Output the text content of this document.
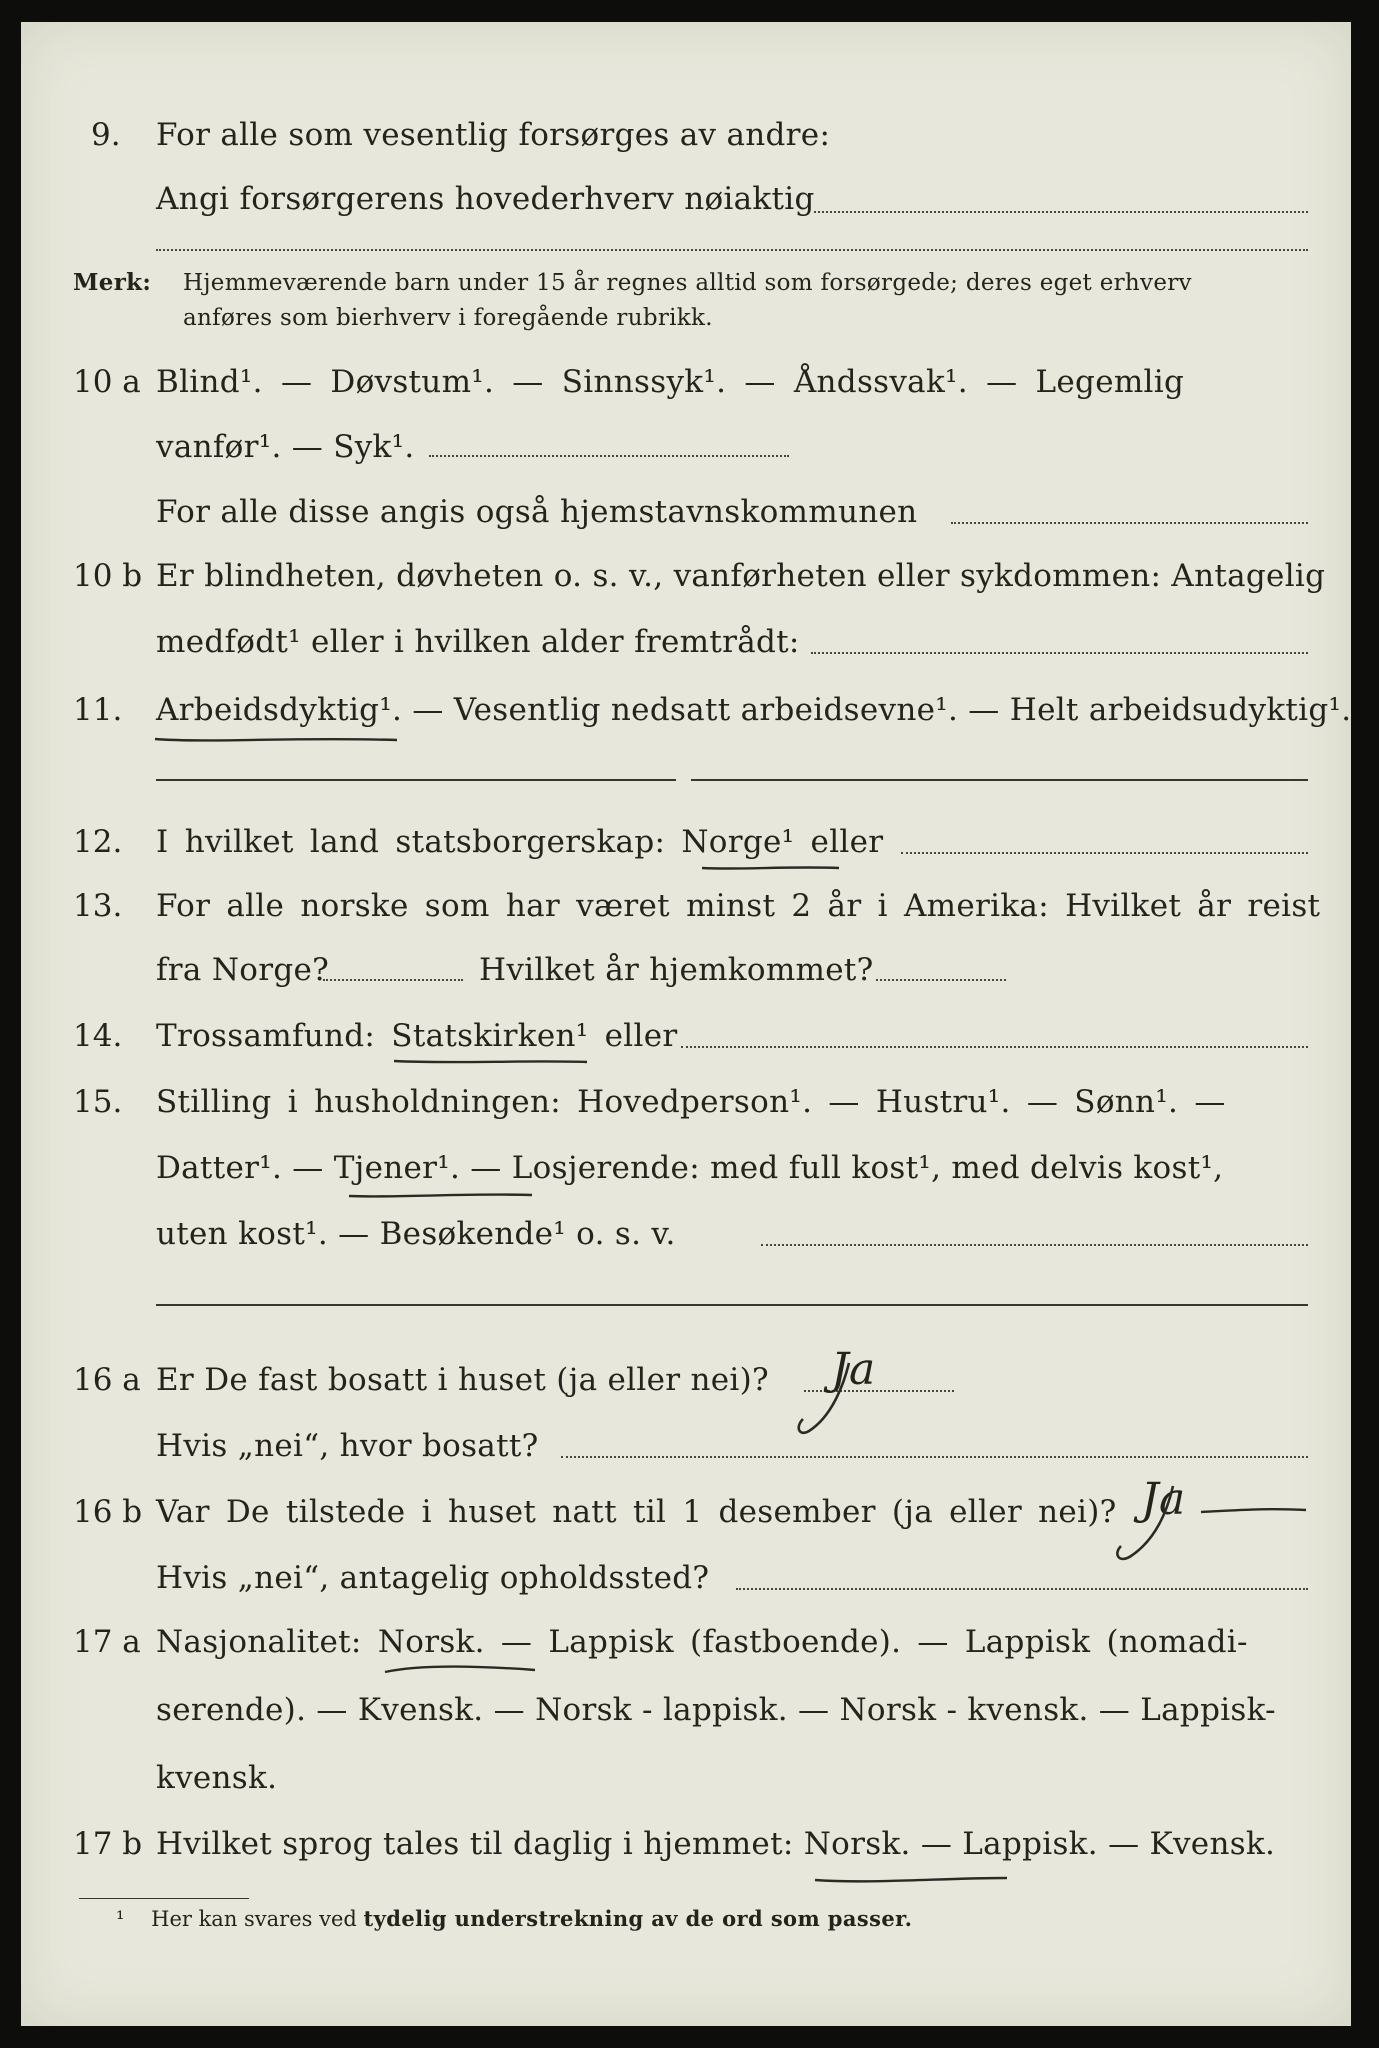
9. For alle som vesentlig forsørges av andre:
Angi forsørgerens hovederhverv nøiaktig
Merk: Hjemmeværende barn under 15 år regnes alltid som forsørgede; deres eget erhverv
anføres som bierhverv i foregående rubrikk.
10 a Blind¹. — Døvstum¹. — Sinnssyk¹. — Åndssvak¹. — Legemlig
vanfør¹. — Syk¹.
For alle disse angis også hjemstavnskommunen
10 b Er blindheten, døvheten o. s. v., vanførheten eller sykdommen: Antagelig
medfødt¹ eller i hvilken alder fremtrådt:
11. Arbeidsdyktig¹. — Vesentlig nedsatt arbeidsevne¹. — Helt arbeidsudyktig¹.
12. I hvilket land statsborgerskap: Norge¹ eller
13. For alle norske som har været minst 2 år i Amerika: Hvilket år reist
fra Norge?	Hvilket år hjemkommet?
14. Trossamfund: Statskirken¹ eller
15. Stilling i husholdningen: Hovedperson¹. — Hustru¹. — Sønn¹. —
Datter¹. — Tjener¹. — Losjerende: med full kost¹, med delvis kost¹,
uten kost¹. — Besøkende¹ o. s. v.
16 a Er De fast bosatt i huset (ja eller nei)? Ja
Hvis „nei“, hvor bosatt?
16 b Var De tilstede i huset natt til 1 desember (ja eller nei)? Ja
Hvis „nei“, antagelig opholdssted?
17 a Nasjonalitet: Norsk. — Lappisk (fastboende). — Lappisk (nomadi-
serende). — Kvensk. — Norsk - lappisk. — Norsk - kvensk. — Lappisk-
kvensk.
17 b Hvilket sprog tales til daglig i hjemmet: Norsk. — Lappisk. — Kvensk.
¹ Her kan svares ved tydelig understrekning av de ord som passer.
